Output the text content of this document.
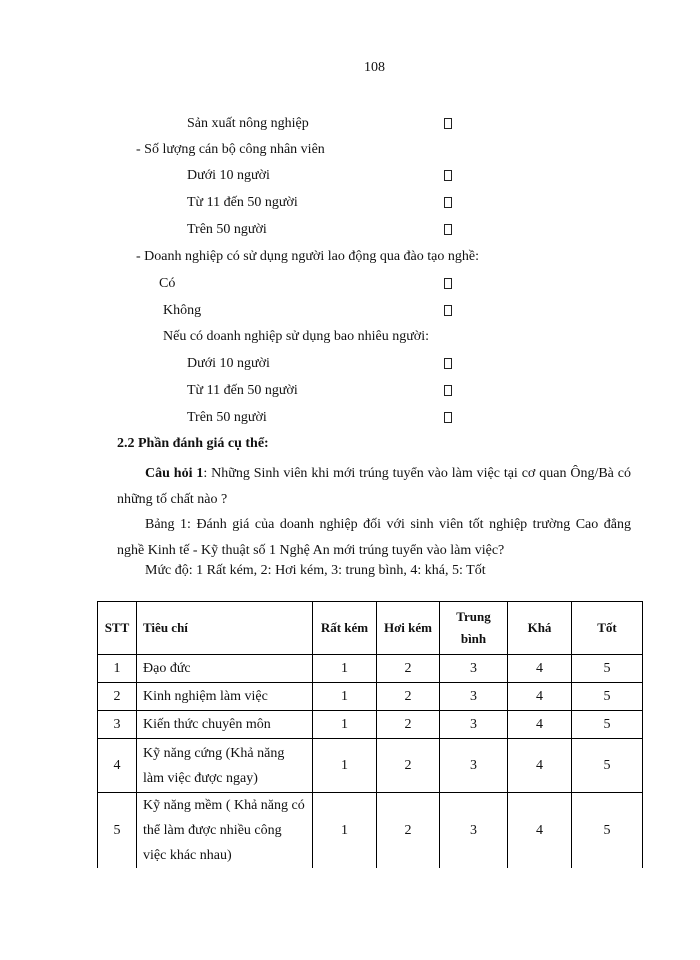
108
Sản xuất nông nghiệp
- Số lượng cán bộ công nhân viên
Dưới 10 người
Từ 11 đến 50 người
Trên 50 người
- Doanh nghiệp có sử dụng người lao động qua đào tạo nghề:
Có
Không
Nếu có doanh nghiệp sử dụng bao nhiêu người:
Dưới 10 người
Từ 11 đến 50 người
Trên 50 người
2.2 Phần đánh giá cụ thể:
Câu hỏi 1: Những Sinh viên khi mới trúng tuyển vào làm việc tại cơ quan Ông/Bà có những tố chất nào ?
Bảng 1: Đánh giá của doanh nghiệp đối với sinh viên tốt nghiệp trường Cao đẳng nghề Kinh tế - Kỹ thuật số 1 Nghệ An mới trúng tuyển vào làm việc?
Mức độ: 1 Rất kém, 2: Hơi kém, 3: trung bình, 4: khá, 5: Tốt
STT	Tiêu chí	Rất kém	Hơi kém	Trung bình	Khá	Tốt
1	Đạo đức	1	2	3	4	5
2	Kinh nghiệm làm việc	1	2	3	4	5
3	Kiến thức chuyên môn	1	2	3	4	5
4	Kỹ năng cứng (Khả năng làm việc được ngay)	1	2	3	4	5
5	Kỹ năng mềm ( Khả năng có thể làm được nhiều công việc khác nhau)	1	2	3	4	5
